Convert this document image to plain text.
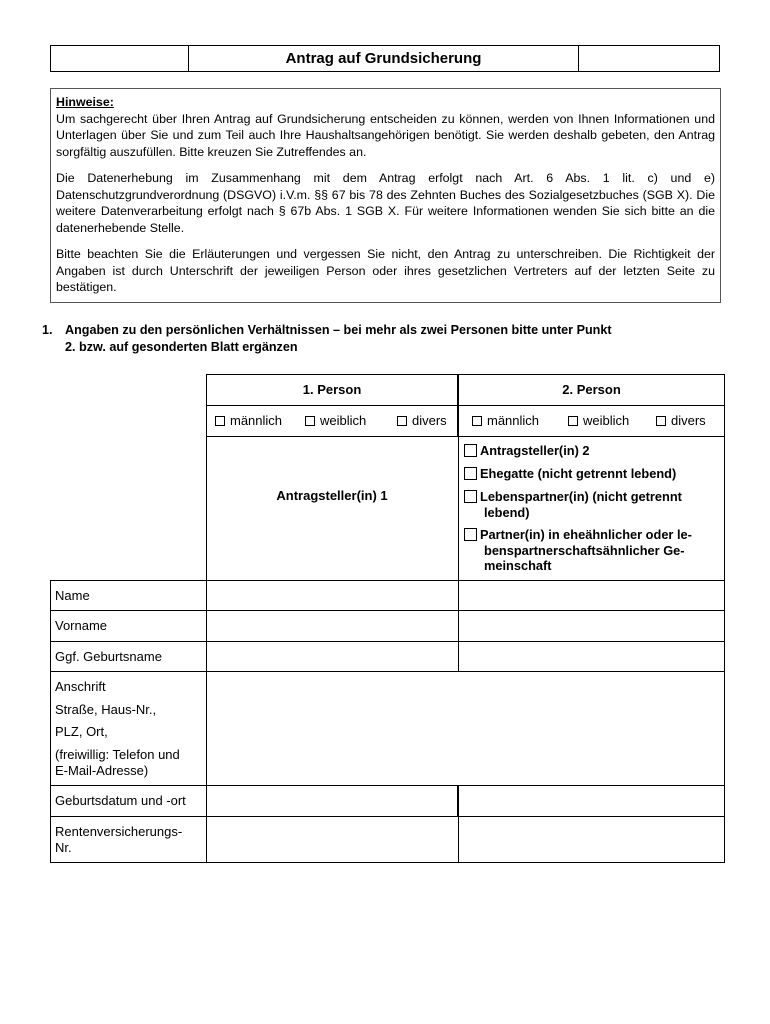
Antrag auf Grundsicherung
Hinweise:

Um sachgerecht über Ihren Antrag auf Grundsicherung entscheiden zu können, werden von Ihnen Informationen und Unterlagen über Sie und zum Teil auch Ihre Haushaltsangehörigen benötigt. Sie werden deshalb gebeten, den Antrag sorgfältig auszufüllen. Bitte kreuzen Sie Zutreffendes an.

Die Datenerhebung im Zusammenhang mit dem Antrag erfolgt nach Art. 6 Abs. 1 lit. c) und e) Datenschutzgrundverordnung (DSGVO) i.V.m. §§ 67 bis 78 des Zehnten Buches des Sozialgesetzbuches (SGB X). Die weitere Datenverarbeitung erfolgt nach § 67b Abs. 1 SGB X. Für weitere Informationen wenden Sie sich bitte an die datenerhebende Stelle.

Bitte beachten Sie die Erläuterungen und vergessen Sie nicht, den Antrag zu unterschreiben. Die Richtigkeit der Angaben ist durch Unterschrift der jeweiligen Person oder ihres gesetzlichen Vertreters auf der letzten Seite zu bestätigen.

1. Angaben zu den persönlichen Verhältnissen – bei mehr als zwei Personen bitte unter Punkt
2. bzw. auf gesonderten Blatt ergänzen
1. Person	2. Person
männlich	weiblich	divers	männlich	weiblich	divers
Antragsteller(in) 1
Antragsteller(in) 2
Ehegatte (nicht getrennt lebend)
Lebenspartner(in) (nicht getrennt
lebend)
Partner(in) in eheähnlicher oder le-
benspartnerschaftsähnlicher Ge-
meinschaft
Name
Vorname
Ggf. Geburtsname
Anschrift
Straße, Haus-Nr.,
PLZ, Ort,
(freiwillig: Telefon und
E-Mail-Adresse)
Geburtsdatum und -ort
Rentenversicherungs-
Nr.
